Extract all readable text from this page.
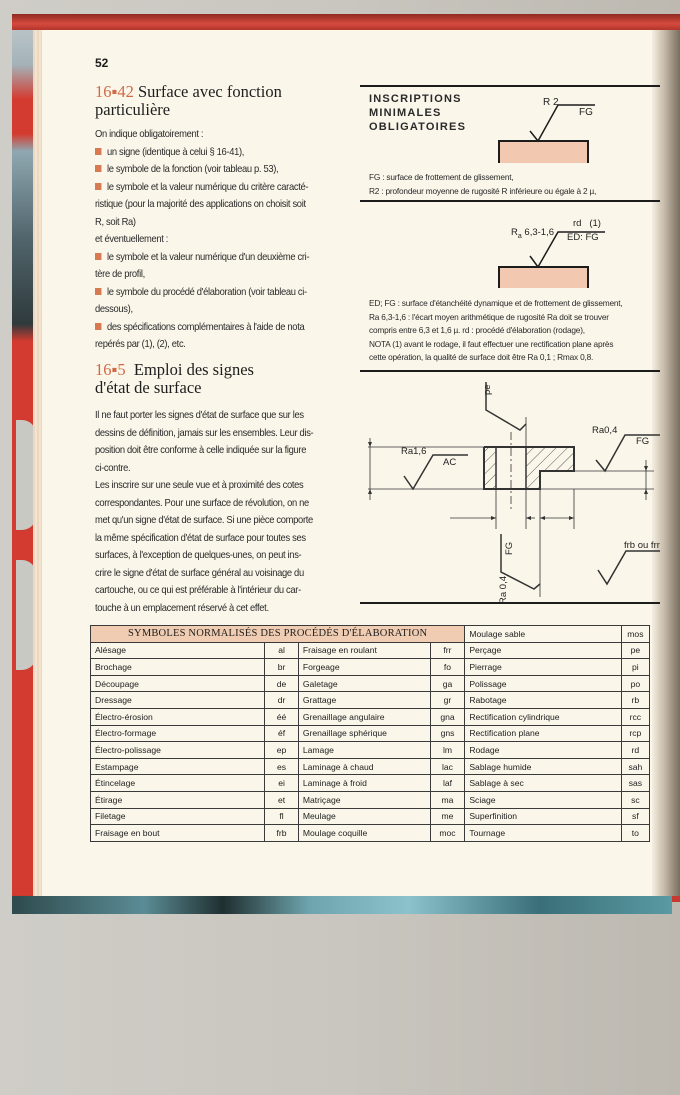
52
16▪42 Surface avec fonction
particulière
On indique obligatoirement :
un signe (identique à celui § 16-41),
le symbole de la fonction (voir tableau p. 53),
le symbole et la valeur numérique du critère caracté-
ristique (pour la majorité des applications on choisit soit
R, soit Ra)
et éventuellement :
le symbole et la valeur numérique d'un deuxième cri-
tère de profil,
le symbole du procédé d'élaboration (voir tableau ci-
dessous),
des spécifications complémentaires à l'aide de nota
repérés par (1), (2), etc.
16▪5 Emploi des signes
d'état de surface
Il ne faut porter les signes d'état de surface que sur les
dessins de définition, jamais sur les ensembles. Leur dis-
position doit être conforme à celle indiquée sur la figure
ci-contre.
Les inscrire sur une seule vue et à proximité des cotes
correspondantes. Pour une surface de révolution, on ne
met qu'un signe d'état de surface. Si une pièce comporte
la même spécification d'état de surface pour toutes ses
surfaces, à l'exception de quelques-unes, on peut ins-
crire le signe d'état de surface général au voisinage du
cartouche, ou ce qui est préférable à l'intérieur du car-
touche à un emplacement réservé à cet effet.
INSCRIPTIONS
MINIMALES
OBLIGATOIRES
R 2
FG
FG : surface de frottement de glissement,
R2 : profondeur moyenne de rugosité R inférieure ou égale à 2 µ,
$R_a$ 6,3-1,6
rd   (1)
ED: FG
ED; FG : surface d'étanchéité dynamique et de frottement de glissement,
Ra 6,3-1,6 : l'écart moyen arithmétique de rugosité Ra doit se trouver
compris entre 6,3 et 1,6 µ. rd : procédé d'élaboration (rodage),
NOTA (1) avant le rodage, il faut effectuer une rectification plane après
cette opération, la qualité de surface doit être Ra 0,1 ; Rmax 0,8.
pe
Ra1,6
AC
Ra0,4
FG
FG
Ra 0,4
frb ou frr
SYMBOLES NORMALISÉS DES PROCÉDÉS D'ÉLABORATION				Moulage sable	mos
Alésage	al	Fraisage en roulant	frr	Perçage	pe
Brochage	br	Forgeage	fo	Pierrage	pi
Découpage	de	Galetage	ga	Polissage	po
Dressage	dr	Grattage	gr	Rabotage	rb
Électro-érosion	éé	Grenaillage angulaire	gna	Rectification cylindrique	rcc
Électro-formage	éf	Grenaillage sphérique	gns	Rectification plane	rcp
Électro-polissage	ep	Lamage	lm	Rodage	rd
Estampage	es	Laminage à chaud	lac	Sablage humide	sah
Étincelage	ei	Laminage à froid	laf	Sablage à sec	sas
Étirage	et	Matriçage	ma	Sciage	sc
Filetage	fl	Meulage	me	Superfinition	sf
Fraisage en bout	frb	Moulage coquille	moc	Tournage	to
